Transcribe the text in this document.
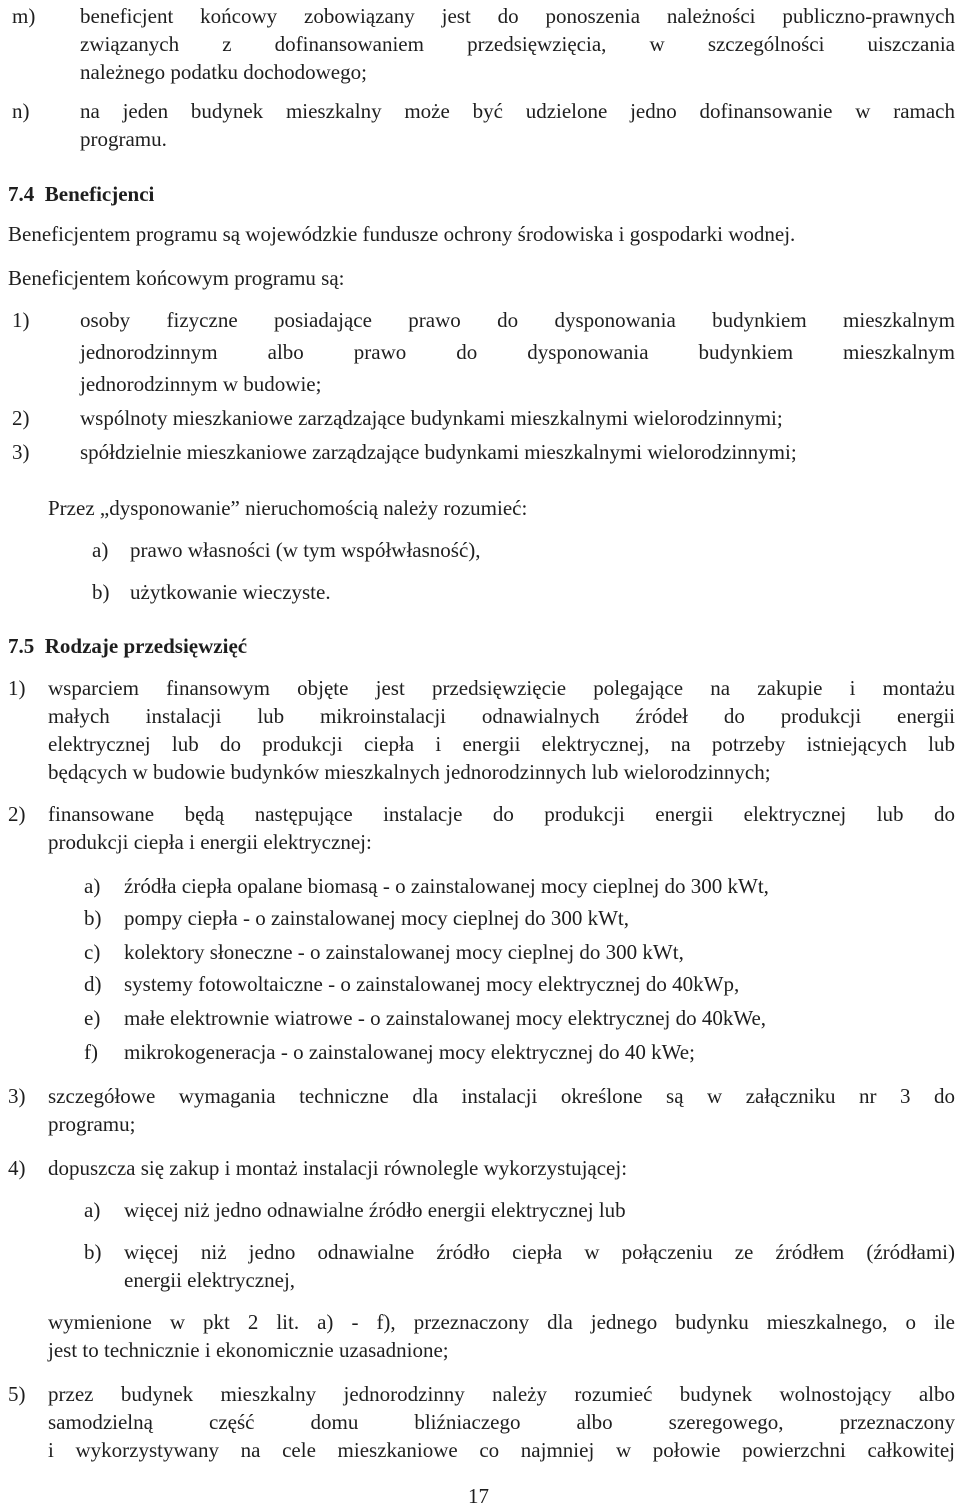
m) beneficjent końcowy zobowiązany jest do ponoszenia należności publiczno-prawnych
związanych z dofinansowaniem przedsięwzięcia, w szczególności uiszczania
należnego podatku dochodowego;
n) na jeden budynek mieszkalny może być udzielone jedno dofinansowanie w ramach
programu.
7.4  Beneficjenci
Beneficjentem programu są wojewódzkie fundusze ochrony środowiska i gospodarki wodnej.
Beneficjentem końcowym programu są:
1) osoby fizyczne posiadające prawo do dysponowania budynkiem mieszkalnym
jednorodzinnym albo prawo do dysponowania budynkiem mieszkalnym
jednorodzinnym w budowie;
2) wspólnoty mieszkaniowe zarządzające budynkami mieszkalnymi wielorodzinnymi;
3) spółdzielnie mieszkaniowe zarządzające budynkami mieszkalnymi wielorodzinnymi;
Przez „dysponowanie” nieruchomością należy rozumieć:
a) prawo własności (w tym współwłasność),
b) użytkowanie wieczyste.
7.5  Rodzaje przedsięwzięć
1) wsparciem finansowym objęte jest przedsięwzięcie polegające na zakupie i montażu
małych instalacji lub mikroinstalacji odnawialnych źródeł do produkcji energii
elektrycznej lub do produkcji ciepła i energii elektrycznej, na potrzeby istniejących lub
będących w budowie budynków mieszkalnych jednorodzinnych lub wielorodzinnych;
2) finansowane będą następujące instalacje do produkcji energii elektrycznej lub do
produkcji ciepła i energii elektrycznej:
a) źródła ciepła opalane biomasą - o zainstalowanej mocy cieplnej do 300 kWt,
b) pompy ciepła - o zainstalowanej mocy cieplnej do 300 kWt,
c) kolektory słoneczne - o zainstalowanej mocy cieplnej do 300 kWt,
d) systemy fotowoltaiczne - o zainstalowanej mocy elektrycznej do 40kWp,
e) małe elektrownie wiatrowe - o zainstalowanej mocy elektrycznej do 40kWe,
f) mikrokogeneracja - o zainstalowanej mocy elektrycznej do 40 kWe;
3) szczegółowe wymagania techniczne dla instalacji określone są w załączniku nr 3 do
programu;
4) dopuszcza się zakup i montaż instalacji równolegle wykorzystującej:
a) więcej niż jedno odnawialne źródło energii elektrycznej lub
b) więcej niż jedno odnawialne źródło ciepła w połączeniu ze źródłem (źródłami)
energii elektrycznej,
wymienione w pkt 2 lit. a) - f), przeznaczony dla jednego budynku mieszkalnego, o ile
jest to technicznie i ekonomicznie uzasadnione;
5) przez budynek mieszkalny jednorodzinny należy rozumieć budynek wolnostojący albo
samodzielną część domu bliźniaczego albo szeregowego, przeznaczony
i wykorzystywany na cele mieszkaniowe co najmniej w połowie powierzchni całkowitej
17
